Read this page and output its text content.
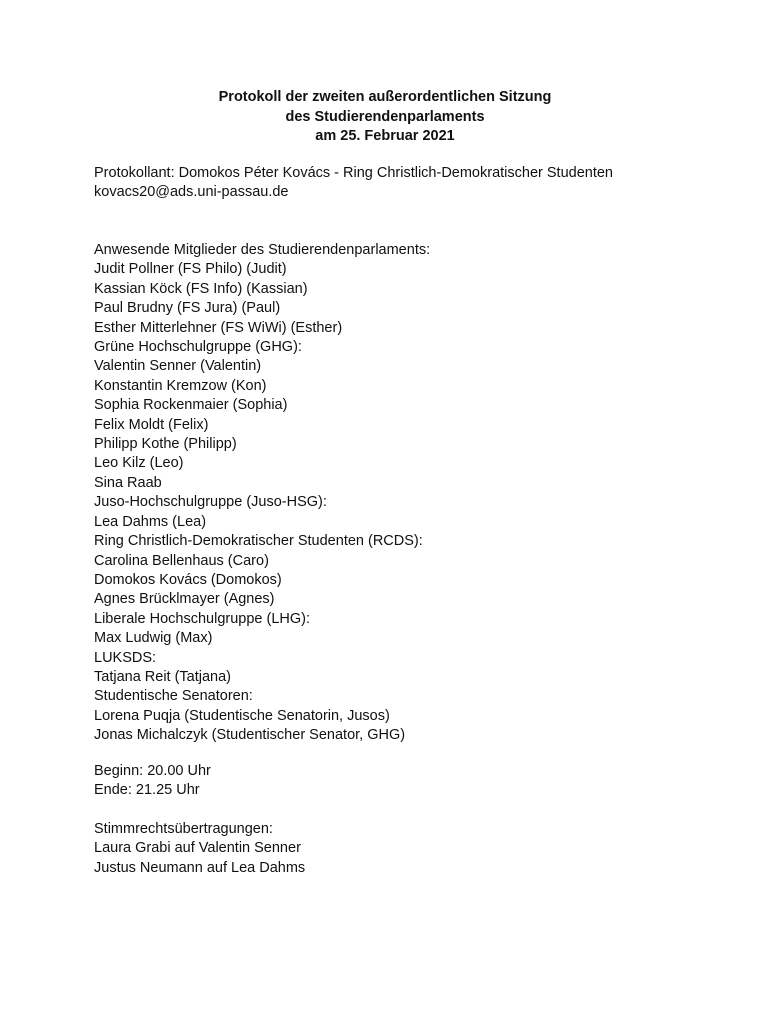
Protokoll der zweiten außerordentlichen Sitzung
des Studierendenparlaments
am 25. Februar 2021
Protokollant: Domokos Péter Kovács - Ring Christlich-Demokratischer Studenten
kovacs20@ads.uni-passau.de
Anwesende Mitglieder des Studierendenparlaments:
Judit Pollner (FS Philo) (Judit)
Kassian Köck (FS Info) (Kassian)
Paul Brudny (FS Jura) (Paul)
Esther Mitterlehner (FS WiWi) (Esther)
Grüne Hochschulgruppe (GHG):
Valentin Senner (Valentin)
Konstantin Kremzow (Kon)
Sophia Rockenmaier (Sophia)
Felix Moldt (Felix)
Philipp Kothe (Philipp)
Leo Kilz (Leo)
Sina Raab
Juso-Hochschulgruppe (Juso-HSG):
Lea Dahms (Lea)
Ring Christlich-Demokratischer Studenten (RCDS):
Carolina Bellenhaus (Caro)
Domokos Kovács (Domokos)
Agnes Brücklmayer (Agnes)
Liberale Hochschulgruppe (LHG):
Max Ludwig (Max)
LUKSDS:
Tatjana Reit (Tatjana)
Studentische Senatoren:
Lorena Puqja (Studentische Senatorin, Jusos)
Jonas Michalczyk (Studentischer Senator, GHG)
Beginn: 20.00 Uhr
Ende: 21.25 Uhr
Stimmrechtsübertragungen:
Laura Grabi auf Valentin Senner
Justus Neumann auf Lea Dahms
